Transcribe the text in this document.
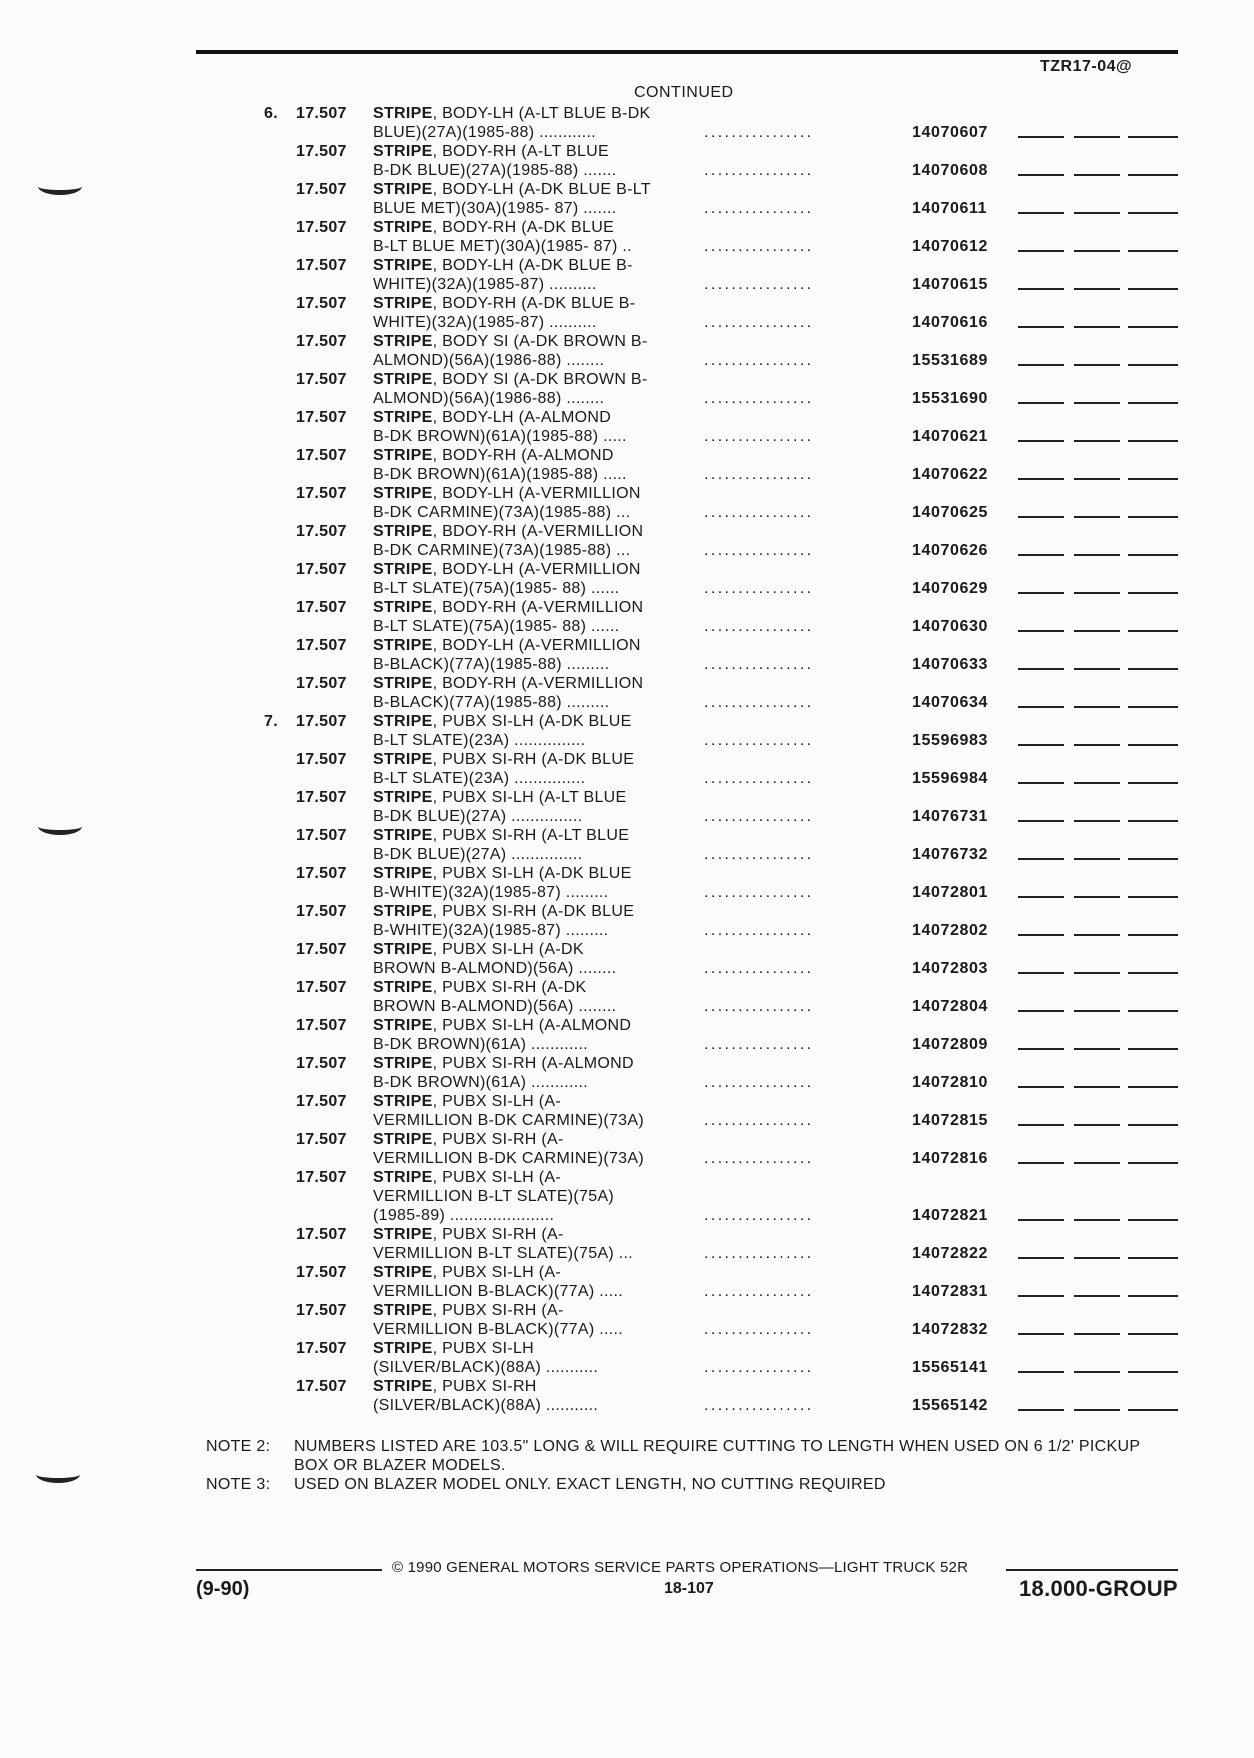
TZR17-04@
CONTINUED
6. 17.507 STRIPE, BODY-LH (A-LT BLUE B-DK
BLUE)(27A)(1985-88) ............	................	14070607
17.507 STRIPE, BODY-RH (A-LT BLUE
B-DK BLUE)(27A)(1985-88) .......	................	14070608
17.507 STRIPE, BODY-LH (A-DK BLUE B-LT
BLUE MET)(30A)(1985- 87) .......	................	14070611
17.507 STRIPE, BODY-RH (A-DK BLUE
B-LT BLUE MET)(30A)(1985- 87) ..	................	14070612
17.507 STRIPE, BODY-LH (A-DK BLUE B-
WHITE)(32A)(1985-87) ..........	................	14070615
17.507 STRIPE, BODY-RH (A-DK BLUE B-
WHITE)(32A)(1985-87) ..........	................	14070616
17.507 STRIPE, BODY SI (A-DK BROWN B-
ALMOND)(56A)(1986-88) ........	................	15531689
17.507 STRIPE, BODY SI (A-DK BROWN B-
ALMOND)(56A)(1986-88) ........	................	15531690
17.507 STRIPE, BODY-LH (A-ALMOND
B-DK BROWN)(61A)(1985-88) .....	................	14070621
17.507 STRIPE, BODY-RH (A-ALMOND
B-DK BROWN)(61A)(1985-88) .....	................	14070622
17.507 STRIPE, BODY-LH (A-VERMILLION
B-DK CARMINE)(73A)(1985-88) ...	................	14070625
17.507 STRIPE, BDOY-RH (A-VERMILLION
B-DK CARMINE)(73A)(1985-88) ...	................	14070626
17.507 STRIPE, BODY-LH (A-VERMILLION
B-LT SLATE)(75A)(1985- 88) ......	................	14070629
17.507 STRIPE, BODY-RH (A-VERMILLION
B-LT SLATE)(75A)(1985- 88) ......	................	14070630
17.507 STRIPE, BODY-LH (A-VERMILLION
B-BLACK)(77A)(1985-88) .........	................	14070633
17.507 STRIPE, BODY-RH (A-VERMILLION
B-BLACK)(77A)(1985-88) .........	................	14070634
7. 17.507 STRIPE, PUBX SI-LH (A-DK BLUE
B-LT SLATE)(23A) ...............	................	15596983
17.507 STRIPE, PUBX SI-RH (A-DK BLUE
B-LT SLATE)(23A) ...............	................	15596984
17.507 STRIPE, PUBX SI-LH (A-LT BLUE
B-DK BLUE)(27A) ...............	................	14076731
17.507 STRIPE, PUBX SI-RH (A-LT BLUE
B-DK BLUE)(27A) ...............	................	14076732
17.507 STRIPE, PUBX SI-LH (A-DK BLUE
B-WHITE)(32A)(1985-87) .........	................	14072801
17.507 STRIPE, PUBX SI-RH (A-DK BLUE
B-WHITE)(32A)(1985-87) .........	................	14072802
17.507 STRIPE, PUBX SI-LH (A-DK
BROWN B-ALMOND)(56A) ........	................	14072803
17.507 STRIPE, PUBX SI-RH (A-DK
BROWN B-ALMOND)(56A) ........	................	14072804
17.507 STRIPE, PUBX SI-LH (A-ALMOND
B-DK BROWN)(61A) ............	................	14072809
17.507 STRIPE, PUBX SI-RH (A-ALMOND
B-DK BROWN)(61A) ............	................	14072810
17.507 STRIPE, PUBX SI-LH (A-
VERMILLION B-DK CARMINE)(73A)	................	14072815
17.507 STRIPE, PUBX SI-RH (A-
VERMILLION B-DK CARMINE)(73A)	................	14072816
17.507 STRIPE, PUBX SI-LH (A-
VERMILLION B-LT SLATE)(75A)
(1985-89) ......................	................	14072821
17.507 STRIPE, PUBX SI-RH (A-
VERMILLION B-LT SLATE)(75A) ...	................	14072822
17.507 STRIPE, PUBX SI-LH (A-
VERMILLION B-BLACK)(77A) .....	................	14072831
17.507 STRIPE, PUBX SI-RH (A-
VERMILLION B-BLACK)(77A) .....	................	14072832
17.507 STRIPE, PUBX SI-LH
(SILVER/BLACK)(88A) ...........	................	15565141
17.507 STRIPE, PUBX SI-RH
(SILVER/BLACK)(88A) ...........	................	15565142
NOTE 2: NUMBERS LISTED ARE 103.5" LONG & WILL REQUIRE CUTTING TO LENGTH WHEN USED ON 6 1/2' PICKUP BOX OR BLAZER MODELS.
NOTE 3: USED ON BLAZER MODEL ONLY. EXACT LENGTH, NO CUTTING REQUIRED
© 1990 GENERAL MOTORS SERVICE PARTS OPERATIONS—LIGHT TRUCK 52R
(9-90)	18-107	18.000-GROUP
